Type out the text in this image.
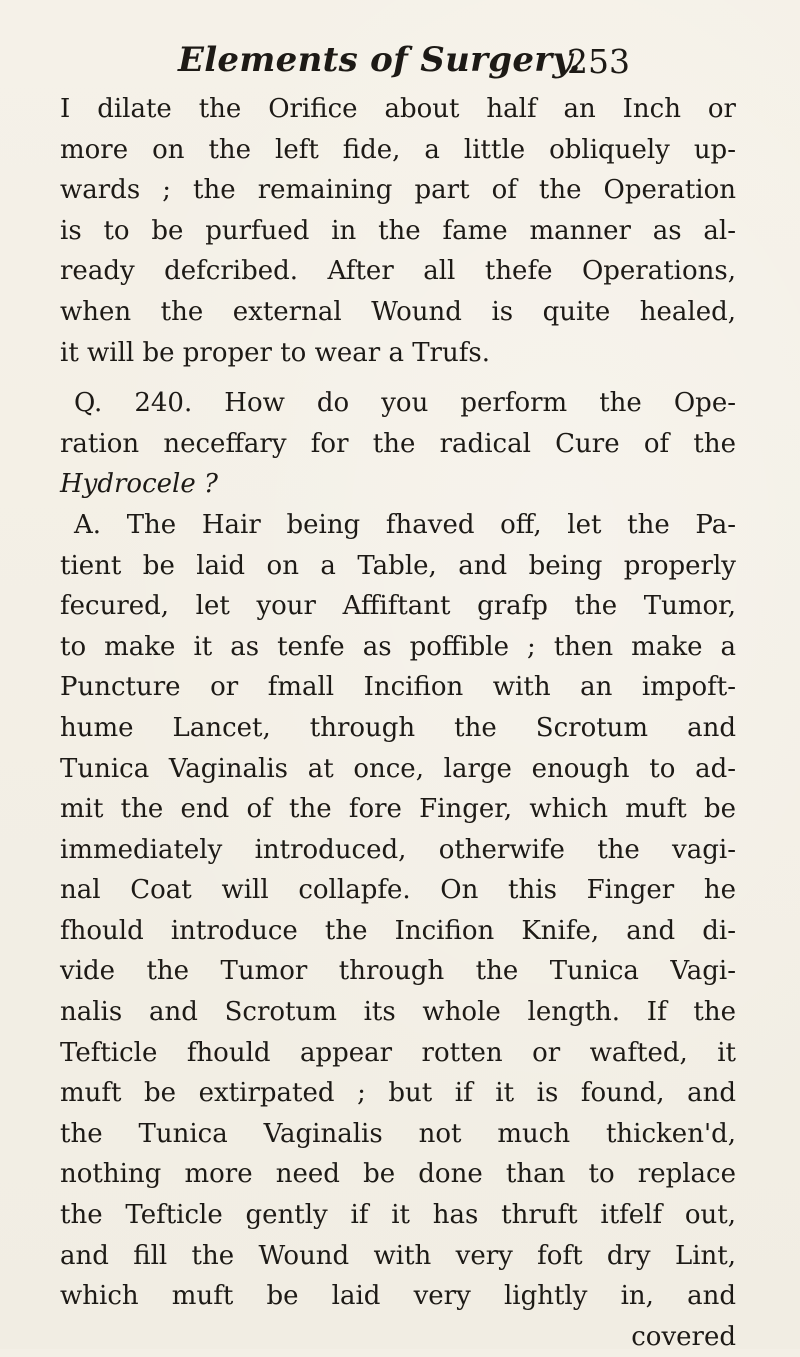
Elements of Surgery.
253
I dilate the Orifice about half an Inch or
more on the left fide, a little obliquely up-
wards ; the remaining part of the Operation
is to be purfued in the fame manner as al-
ready defcribed. After all thefe Operations,
when the external Wound is quite healed,
it will be proper to wear a Trufs.
Q. 240. How do you perform the Ope-
ration neceffary for the radical Cure of the
Hydrocele ?
A. The Hair being fhaved off, let the Pa-
tient be laid on a Table, and being properly
fecured, let your Affiftant grafp the Tumor,
to make it as tenfe as poffible ; then make a
Puncture or fmall Incifion with an impoft-
hume Lancet, through the Scrotum and
Tunica Vaginalis at once, large enough to ad-
mit the end of the fore Finger, which muft be
immediately introduced, otherwife the vagi-
nal Coat will collapfe. On this Finger he
fhould introduce the Incifion Knife, and di-
vide the Tumor through the Tunica Vagi-
nalis and Scrotum its whole length. If the
Tefticle fhould appear rotten or wafted, it
muft be extirpated ; but if it is found, and
the Tunica Vaginalis not much thicken'd,
nothing more need be done than to replace
the Tefticle gently if it has thruft itfelf out,
and fill the Wound with very foft dry Lint,
which muft be laid very lightly in, and
covered
